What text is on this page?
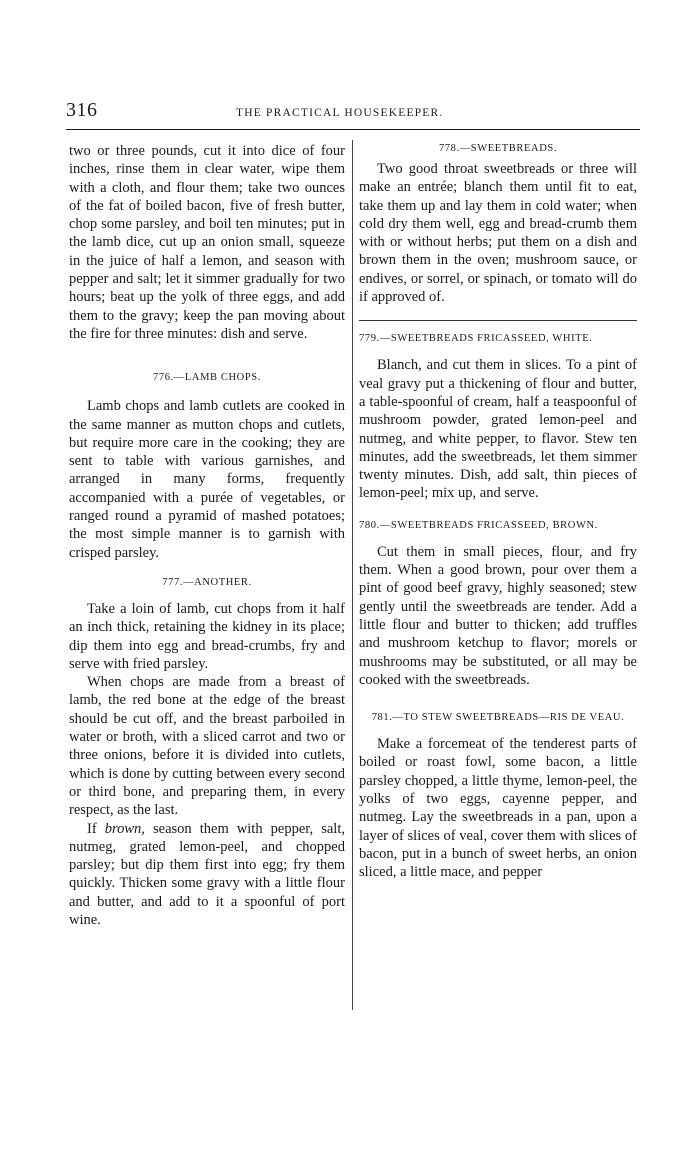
316	THE PRACTICAL HOUSEKEEPER.

two or three pounds, cut it into dice of four inches, rinse them in clear water, wipe them with a cloth, and flour them; take two ounces of the fat of boiled bacon, five of fresh butter, chop some parsley, and boil ten minutes; put in the lamb dice, cut up an onion small, squeeze in the juice of half a lemon, and season with pepper and salt; let it simmer gradually for two hours; beat up the yolk of three eggs, and add them to the gravy; keep the pan moving about the fire for three minutes: dish and serve.

776.—LAMB CHOPS.

Lamb chops and lamb cutlets are cooked in the same manner as mutton chops and cutlets, but require more care in the cooking; they are sent to table with various garnishes, and arranged in many forms, frequently accompanied with a purée of vegetables, or ranged round a pyramid of mashed potatoes; the most simple manner is to garnish with crisped parsley.

777.—ANOTHER.

Take a loin of lamb, cut chops from it half an inch thick, retaining the kidney in its place; dip them into egg and bread-crumbs, fry and serve with fried parsley.

When chops are made from a breast of lamb, the red bone at the edge of the breast should be cut off, and the breast parboiled in water or broth, with a sliced carrot and two or three onions, before it is divided into cutlets, which is done by cutting between every second or third bone, and preparing them, in every respect, as the last.

If brown, season them with pepper, salt, nutmeg, grated lemon-peel, and chopped parsley; but dip them first into egg; fry them quickly. Thicken some gravy with a little flour and butter, and add to it a spoonful of port wine.

778.—SWEETBREADS.

Two good throat sweetbreads or three will make an entrée; blanch them until fit to eat, take them up and lay them in cold water; when cold dry them well, egg and bread-crumb them with or without herbs; put them on a dish and brown them in the oven; mushroom sauce, or endives, or sorrel, or spinach, or tomato will do if approved of.

779.—SWEETBREADS FRICASSEED, WHITE.

Blanch, and cut them in slices. To a pint of veal gravy put a thickening of flour and butter, a table-spoonful of cream, half a teaspoonful of mushroom powder, grated lemon-peel and nutmeg, and white pepper, to flavor. Stew ten minutes, add the sweetbreads, let them simmer twenty minutes. Dish, add salt, thin pieces of lemon-peel; mix up, and serve.

780.—SWEETBREADS FRICASSEED, BROWN.

Cut them in small pieces, flour, and fry them. When a good brown, pour over them a pint of good beef gravy, highly seasoned; stew gently until the sweetbreads are tender. Add a little flour and butter to thicken; add truffles and mushroom ketchup to flavor; morels or mushrooms may be substituted, or all may be cooked with the sweetbreads.

781.—TO STEW SWEETBREADS—RIS DE VEAU.

Make a forcemeat of the tenderest parts of boiled or roast fowl, some bacon, a little parsley chopped, a little thyme, lemon-peel, the yolks of two eggs, cayenne pepper, and nutmeg. Lay the sweetbreads in a pan, upon a layer of slices of veal, cover them with slices of bacon, put in a bunch of sweet herbs, an onion sliced, a little mace, and pepper
